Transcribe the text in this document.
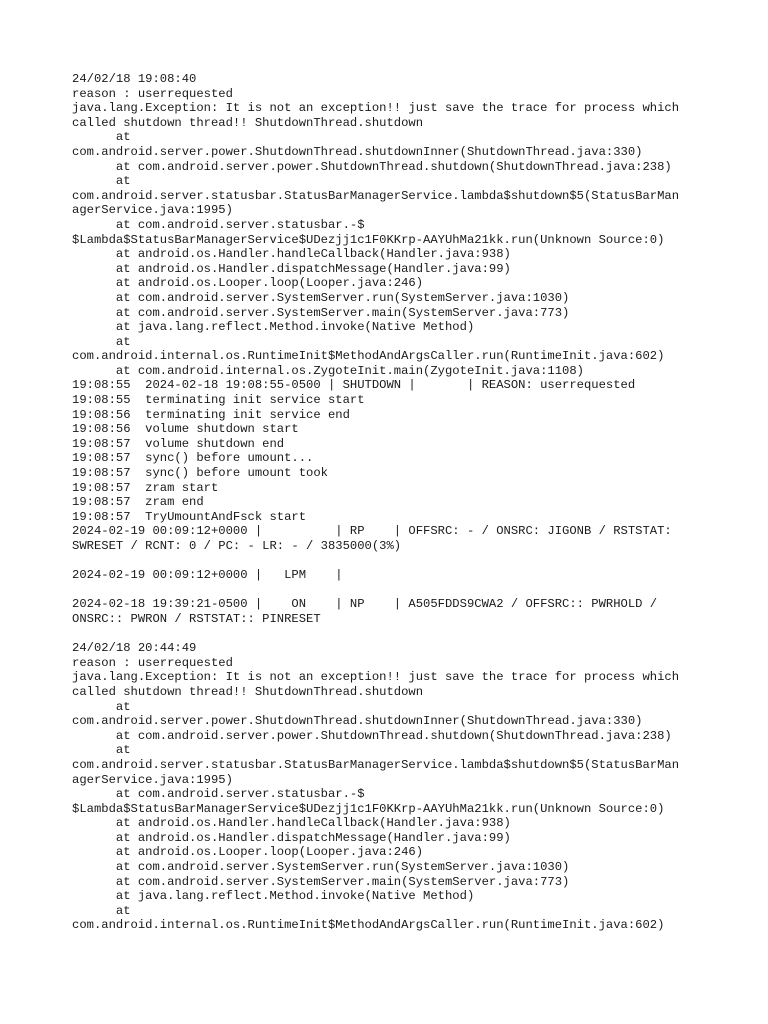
24/02/18 19:08:40
reason : userrequested
java.lang.Exception: It is not an exception!! just save the trace for process which
called shutdown thread!! ShutdownThread.shutdown
at
com.android.server.power.ShutdownThread.shutdownInner(ShutdownThread.java:330)
at com.android.server.power.ShutdownThread.shutdown(ShutdownThread.java:238)
at
com.android.server.statusbar.StatusBarManagerService.lambda$shutdown$5(StatusBarMan
agerService.java:1995)
at com.android.server.statusbar.-$
$Lambda$StatusBarManagerService$UDezjj1c1F0KKrp-AAYUhMa21kk.run(Unknown Source:0)
at android.os.Handler.handleCallback(Handler.java:938)
at android.os.Handler.dispatchMessage(Handler.java:99)
at android.os.Looper.loop(Looper.java:246)
at com.android.server.SystemServer.run(SystemServer.java:1030)
at com.android.server.SystemServer.main(SystemServer.java:773)
at java.lang.reflect.Method.invoke(Native Method)
at
com.android.internal.os.RuntimeInit$MethodAndArgsCaller.run(RuntimeInit.java:602)
at com.android.internal.os.ZygoteInit.main(ZygoteInit.java:1108)
19:08:55  2024-02-18 19:08:55-0500 | SHUTDOWN |       | REASON: userrequested
19:08:55  terminating init service start
19:08:56  terminating init service end
19:08:56  volume shutdown start
19:08:57  volume shutdown end
19:08:57  sync() before umount...
19:08:57  sync() before umount took
19:08:57  zram start
19:08:57  zram end
19:08:57  TryUmountAndFsck start
2024-02-19 00:09:12+0000 |          | RP    | OFFSRC: - / ONSRC: JIGONB / RSTSTAT:
SWRESET / RCNT: 0 / PC: - LR: - / 3835000(3%)
2024-02-19 00:09:12+0000 |   LPM    |
2024-02-18 19:39:21-0500 |    ON    | NP    | A505FDDS9CWA2 / OFFSRC:: PWRHOLD /
ONSRC:: PWRON / RSTSTAT:: PINRESET
24/02/18 20:44:49
reason : userrequested
java.lang.Exception: It is not an exception!! just save the trace for process which
called shutdown thread!! ShutdownThread.shutdown
at
com.android.server.power.ShutdownThread.shutdownInner(ShutdownThread.java:330)
at com.android.server.power.ShutdownThread.shutdown(ShutdownThread.java:238)
at
com.android.server.statusbar.StatusBarManagerService.lambda$shutdown$5(StatusBarMan
agerService.java:1995)
at com.android.server.statusbar.-$
$Lambda$StatusBarManagerService$UDezjj1c1F0KKrp-AAYUhMa21kk.run(Unknown Source:0)
at android.os.Handler.handleCallback(Handler.java:938)
at android.os.Handler.dispatchMessage(Handler.java:99)
at android.os.Looper.loop(Looper.java:246)
at com.android.server.SystemServer.run(SystemServer.java:1030)
at com.android.server.SystemServer.main(SystemServer.java:773)
at java.lang.reflect.Method.invoke(Native Method)
at
com.android.internal.os.RuntimeInit$MethodAndArgsCaller.run(RuntimeInit.java:602)
